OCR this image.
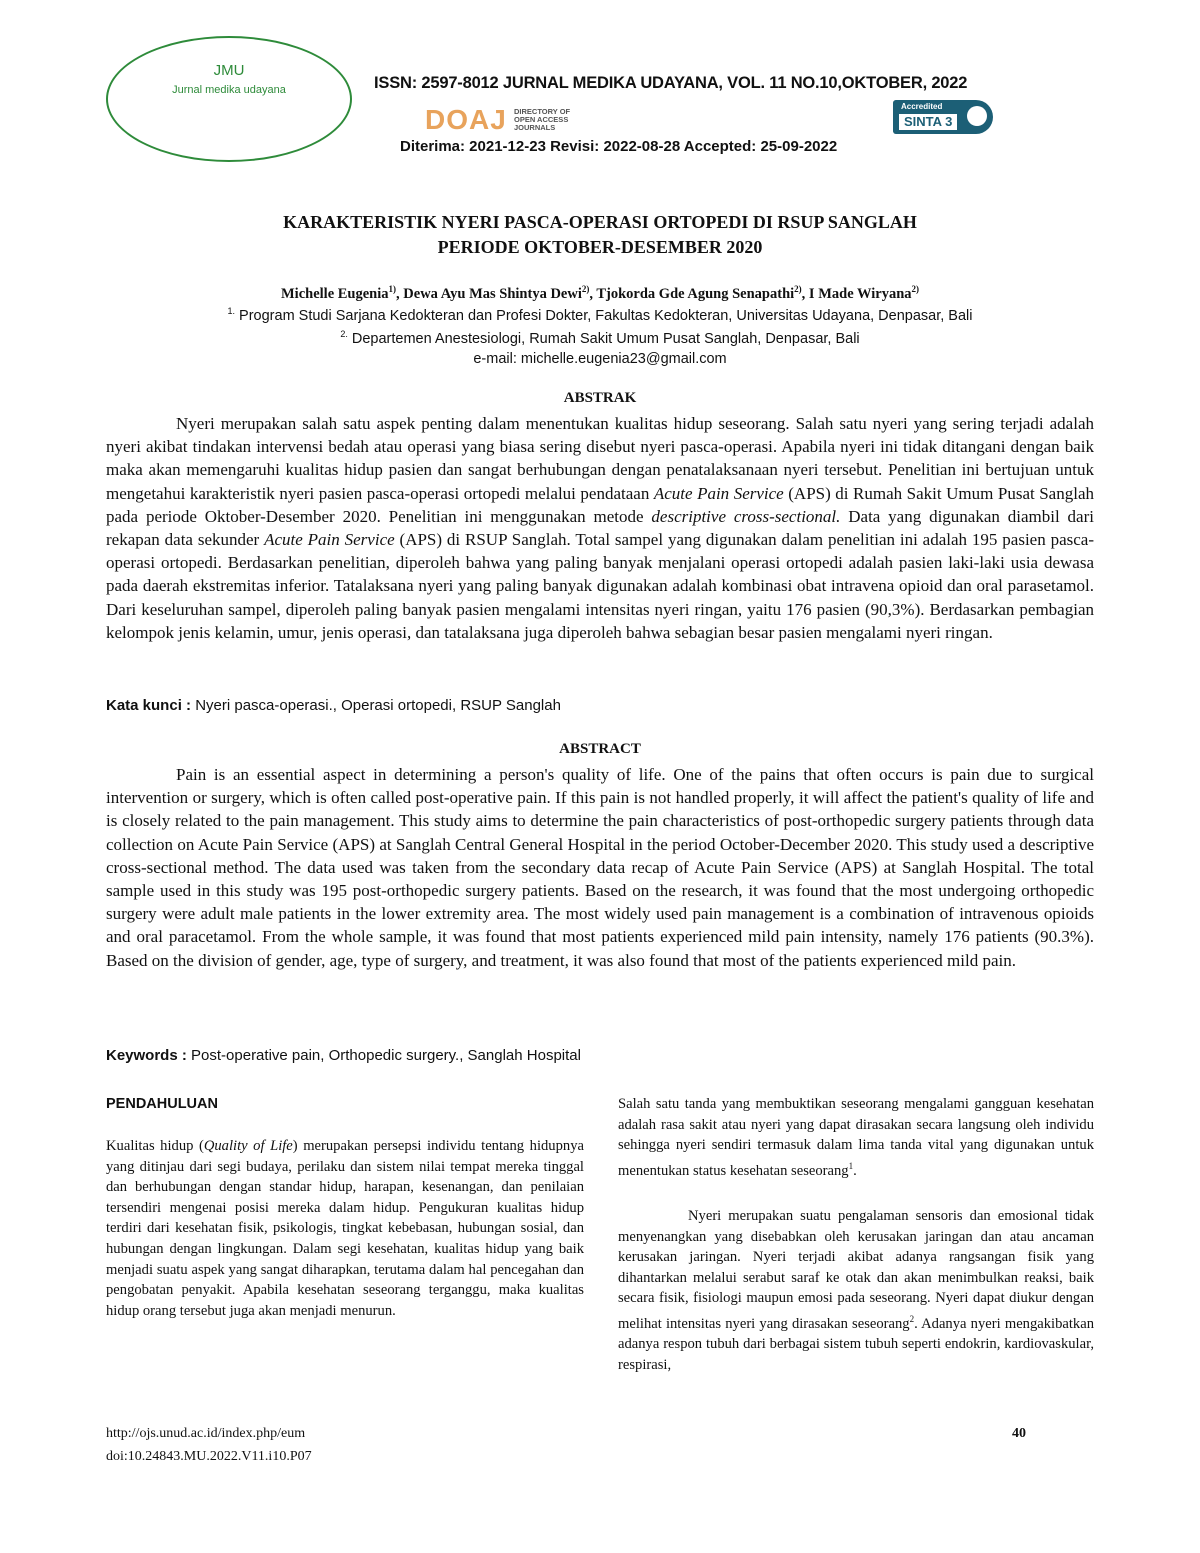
JMU
Jurnal medika udayana	ISSN: 2597-8012 JURNAL MEDIKA UDAYANA, VOL. 11 NO.10,OKTOBER, 2022
DOAJ DIRECTORY OF
OPEN ACCESS
JOURNALS
Accredited
SINTA 3
Diterima: 2021-12-23 Revisi: 2022-08-28 Accepted: 25-09-2022
KARAKTERISTIK NYERI PASCA-OPERASI ORTOPEDI DI RSUP SANGLAH
PERIODE OKTOBER-DESEMBER 2020
Michelle Eugenia$^{1)}$, Dewa Ayu Mas Shintya Dewi$^{2)}$, Tjokorda Gde Agung Senapathi$^{2)}$, I Made Wiryana$^{2)}$
$^{1.}$ Program Studi Sarjana Kedokteran dan Profesi Dokter, Fakultas Kedokteran, Universitas Udayana, Denpasar, Bali
$^{2.}$ Departemen Anestesiologi, Rumah Sakit Umum Pusat Sanglah, Denpasar, Bali
e-mail: michelle.eugenia23@gmail.com
ABSTRAK

Nyeri merupakan salah satu aspek penting dalam menentukan kualitas hidup seseorang. Salah satu nyeri yang sering terjadi adalah nyeri akibat tindakan intervensi bedah atau operasi yang biasa sering disebut nyeri pasca-operasi. Apabila nyeri ini tidak ditangani dengan baik maka akan memengaruhi kualitas hidup pasien dan sangat berhubungan dengan penatalaksanaan nyeri tersebut. Penelitian ini bertujuan untuk mengetahui karakteristik nyeri pasien pasca-operasi ortopedi melalui pendataan Acute Pain Service (APS) di Rumah Sakit Umum Pusat Sanglah pada periode Oktober-Desember 2020. Penelitian ini menggunakan metode descriptive cross-sectional. Data yang digunakan diambil dari rekapan data sekunder Acute Pain Service (APS) di RSUP Sanglah. Total sampel yang digunakan dalam penelitian ini adalah 195 pasien pasca-operasi ortopedi. Berdasarkan penelitian, diperoleh bahwa yang paling banyak menjalani operasi ortopedi adalah pasien laki-laki usia dewasa pada daerah ekstremitas inferior. Tatalaksana nyeri yang paling banyak digunakan adalah kombinasi obat intravena opioid dan oral parasetamol. Dari keseluruhan sampel, diperoleh paling banyak pasien mengalami intensitas nyeri ringan, yaitu 176 pasien (90,3%). Berdasarkan pembagian kelompok jenis kelamin, umur, jenis operasi, dan tatalaksana juga diperoleh bahwa sebagian besar pasien mengalami nyeri ringan.

Kata kunci : Nyeri pasca-operasi., Operasi ortopedi, RSUP Sanglah
ABSTRACT

Pain is an essential aspect in determining a person's quality of life. One of the pains that often occurs is pain due to surgical intervention or surgery, which is often called post-operative pain. If this pain is not handled properly, it will affect the patient's quality of life and is closely related to the pain management. This study aims to determine the pain characteristics of post-orthopedic surgery patients through data collection on Acute Pain Service (APS) at Sanglah Central General Hospital in the period October-December 2020. This study used a descriptive cross-sectional method. The data used was taken from the secondary data recap of Acute Pain Service (APS) at Sanglah Hospital. The total sample used in this study was 195 post-orthopedic surgery patients. Based on the research, it was found that the most undergoing orthopedic surgery were adult male patients in the lower extremity area. The most widely used pain management is a combination of intravenous opioids and oral paracetamol. From the whole sample, it was found that most patients experienced mild pain intensity, namely 176 patients (90.3%). Based on the division of gender, age, type of surgery, and treatment, it was also found that most of the patients experienced mild pain.

Keywords : Post-operative pain, Orthopedic surgery., Sanglah Hospital
PENDAHULUAN

Kualitas hidup (Quality of Life) merupakan persepsi individu tentang hidupnya yang ditinjau dari segi budaya, perilaku dan sistem nilai tempat mereka tinggal dan berhubungan dengan standar hidup, harapan, kesenangan, dan penilaian tersendiri mengenai posisi mereka dalam hidup. Pengukuran kualitas hidup terdiri dari kesehatan fisik, psikologis, tingkat kebebasan, hubungan sosial, dan hubungan dengan lingkungan. Dalam segi kesehatan, kualitas hidup yang baik menjadi suatu aspek yang sangat diharapkan, terutama dalam hal pencegahan dan pengobatan penyakit. Apabila kesehatan seseorang terganggu, maka kualitas hidup orang tersebut juga akan menjadi menurun.

Salah satu tanda yang membuktikan seseorang mengalami gangguan kesehatan adalah rasa sakit atau nyeri yang dapat dirasakan secara langsung oleh individu sehingga nyeri sendiri termasuk dalam lima tanda vital yang digunakan untuk menentukan status kesehatan seseorang$^1$.

Nyeri merupakan suatu pengalaman sensoris dan emosional tidak menyenangkan yang disebabkan oleh kerusakan jaringan dan atau ancaman kerusakan jaringan. Nyeri terjadi akibat adanya rangsangan fisik yang dihantarkan melalui serabut saraf ke otak dan akan menimbulkan reaksi, baik secara fisik, fisiologi maupun emosi pada seseorang. Nyeri dapat diukur dengan melihat intensitas nyeri yang dirasakan seseorang$^2$. Adanya nyeri mengakibatkan adanya respon tubuh dari berbagai sistem tubuh seperti endokrin, kardiovaskular, respirasi,

http://ojs.unud.ac.id/index.php/eum
doi:10.24843.MU.2022.V11.i10.P07
40
